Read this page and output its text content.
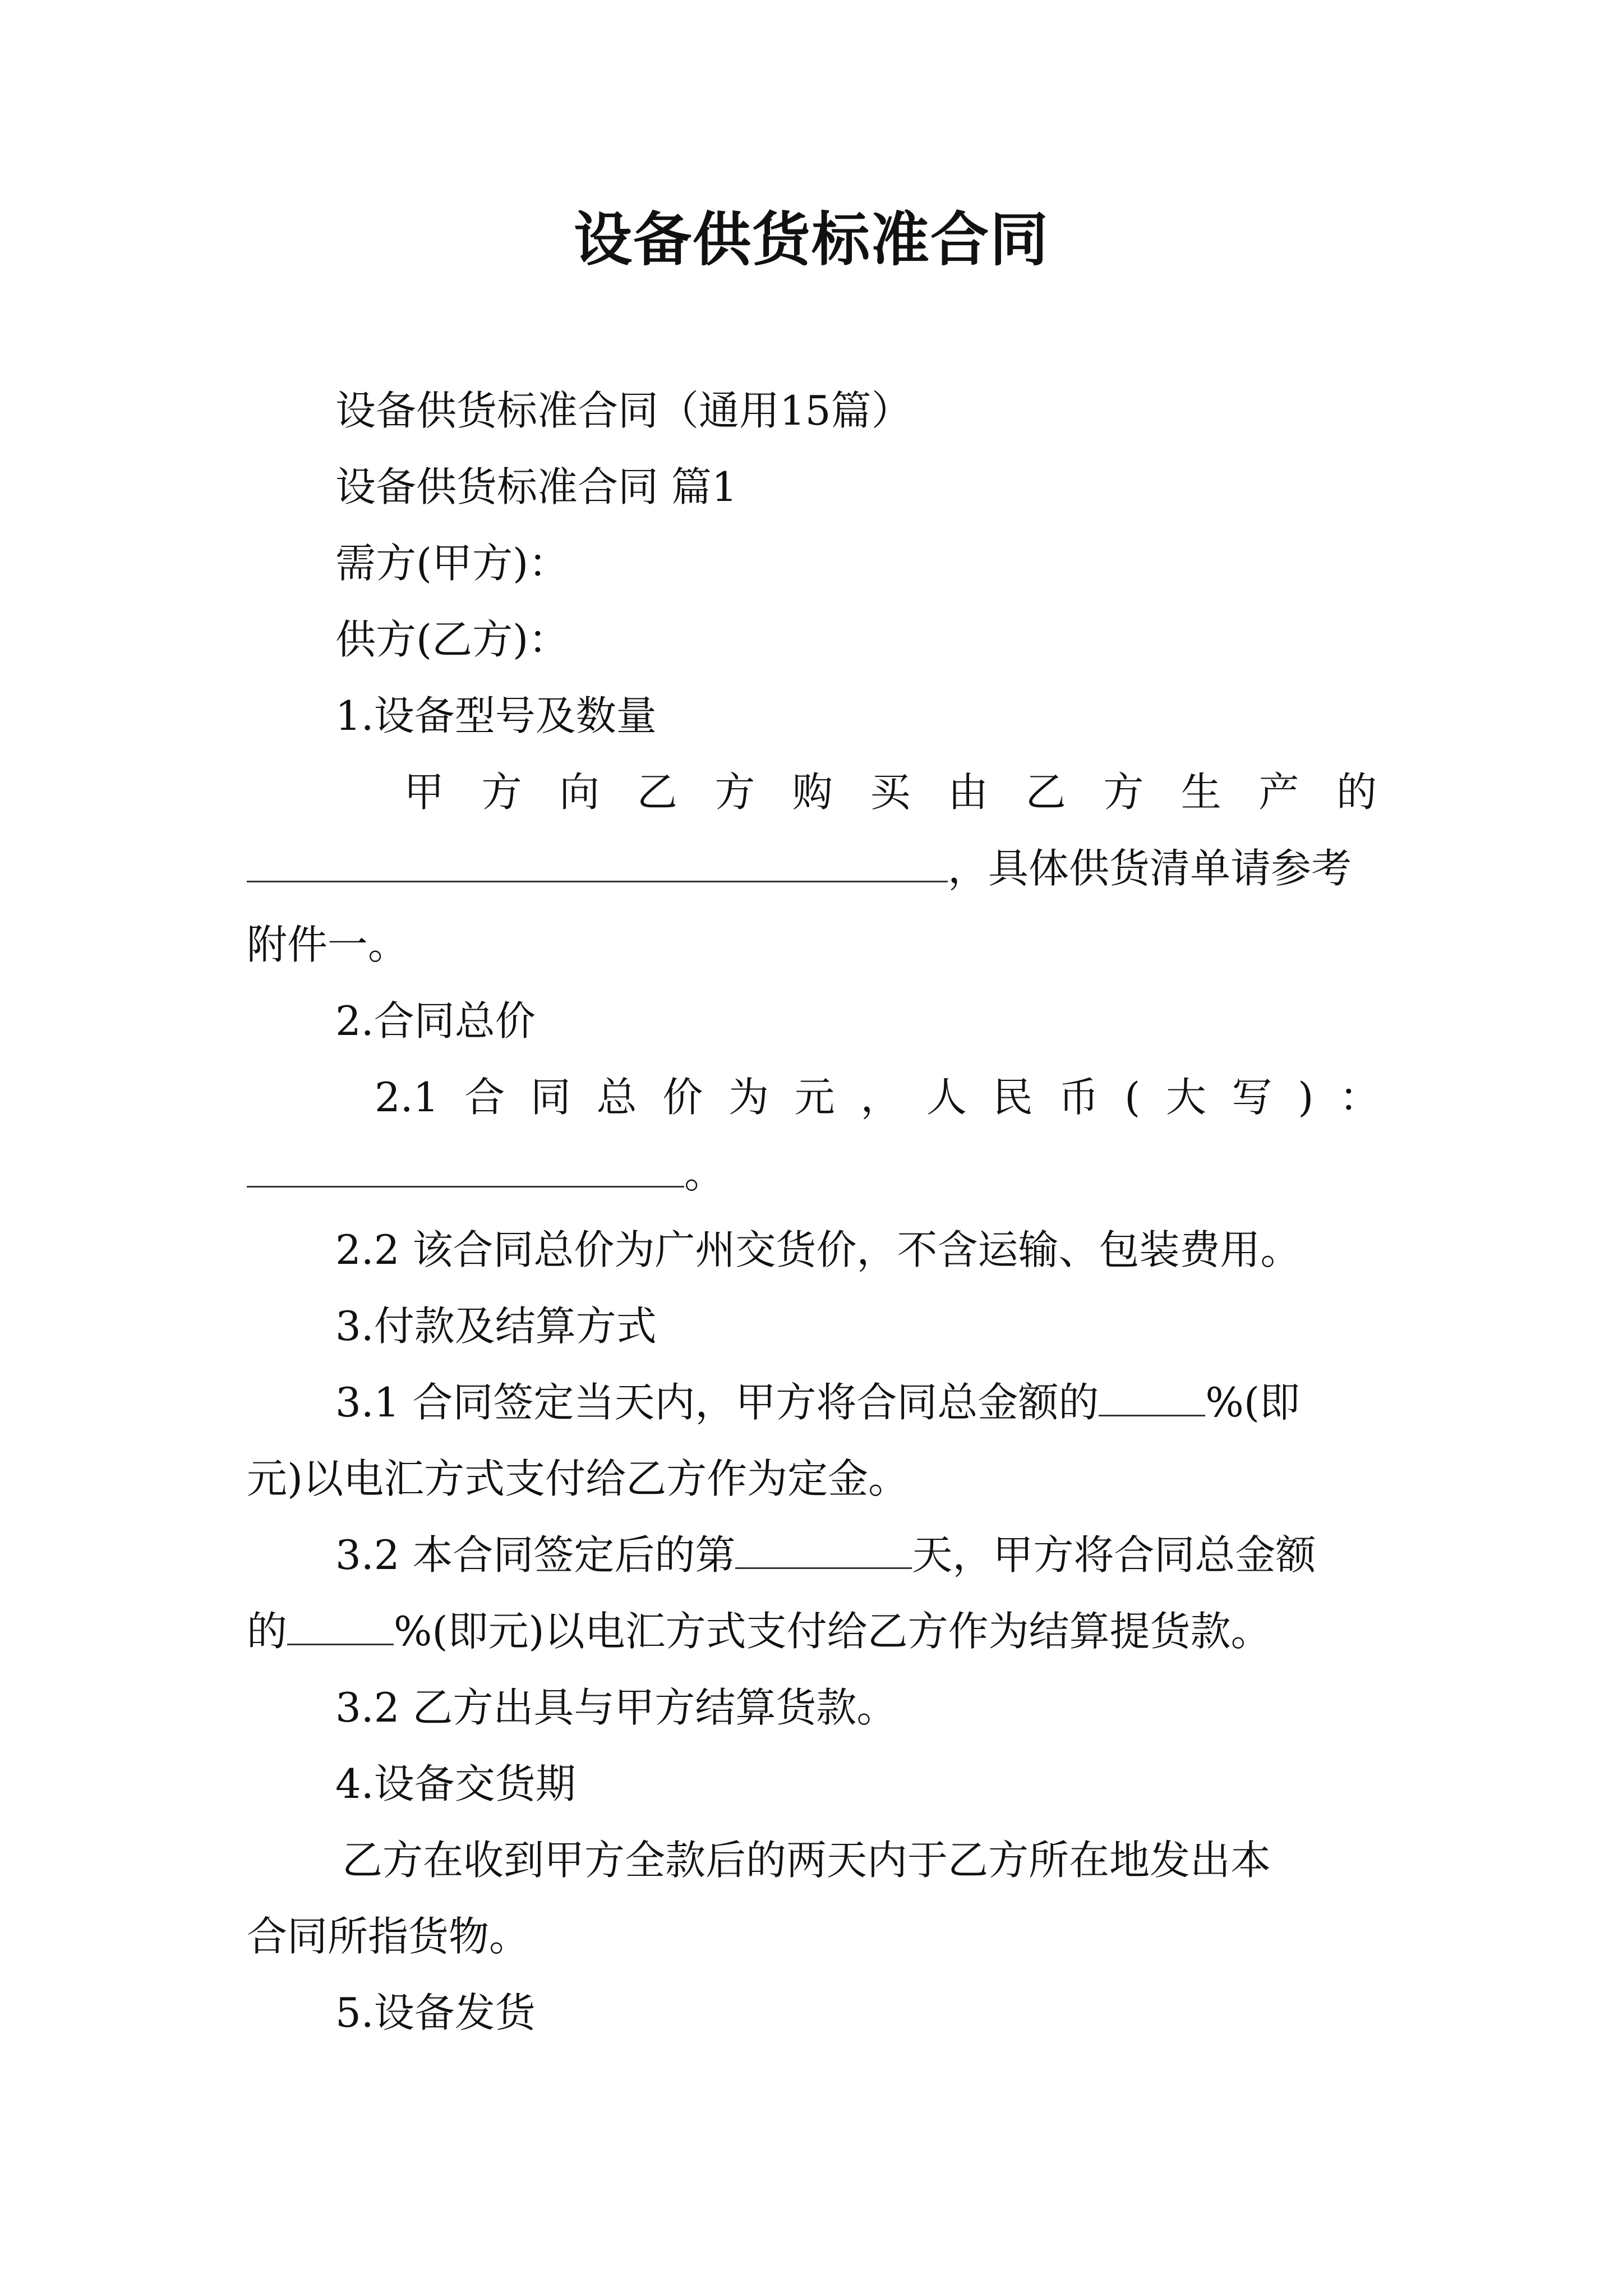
设备供货标准合同
设备供货标准合同（通用15篇）
设备供货标准合同 篇1
需方(甲方)：
供方(乙方)：
1.设备型号及数量
甲 方 向 乙 方 购 买 由 乙 方 生 产 的
，具体供货清单请参考
附件一。
2.合同总价
2.1 合 同 总 价 为 元 ， 人 民 币 ( 大 写 ) ：
。
2.2 该合同总价为广州交货价，不含运输、包装费用。
3.付款及结算方式
3.1 合同签定当天内，甲方将合同总金额的	%(即
元)以电汇方式支付给乙方作为定金。
3.2 本合同签定后的第	天，甲方将合同总金额
的	%(即元)以电汇方式支付给乙方作为结算提货款。
3.2 乙方出具与甲方结算货款。
4.设备交货期
乙方在收到甲方全款后的两天内于乙方所在地发出本
合同所指货物。
5.设备发货
